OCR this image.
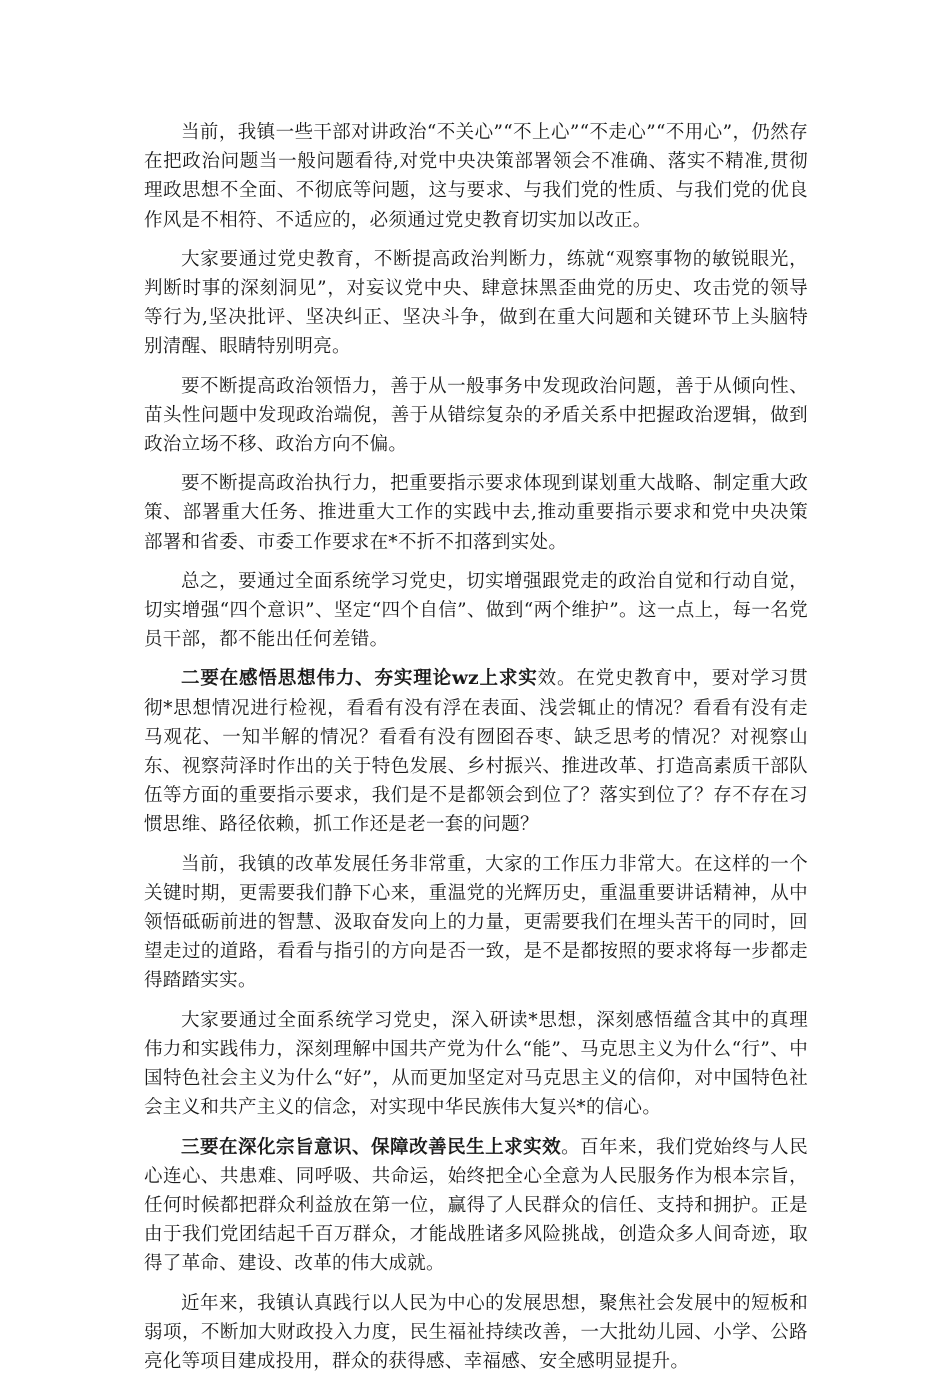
当前，我镇一些干部对讲政治“不关心”“不上心”“不走心”“不用心”，仍然存在把政治问题当一般问题看待,对党中央决策部署领会不准确、落实不精准,贯彻理政思想不全面、不彻底等问题，这与要求、与我们党的性质、与我们党的优良作风是不相符、不适应的，必须通过党史教育切实加以改正。

大家要通过党史教育，不断提高政治判断力，练就“观察事物的敏锐眼光，判断时事的深刻洞见”，对妄议党中央、肆意抹黑歪曲党的历史、攻击党的领导等行为,坚决批评、坚决纠正、坚决斗争，做到在重大问题和关键环节上头脑特别清醒、眼睛特别明亮。

要不断提高政治领悟力，善于从一般事务中发现政治问题，善于从倾向性、苗头性问题中发现政治端倪，善于从错综复杂的矛盾关系中把握政治逻辑，做到政治立场不移、政治方向不偏。

要不断提高政治执行力，把重要指示要求体现到谋划重大战略、制定重大政策、部署重大任务、推进重大工作的实践中去,推动重要指示要求和党中央决策部署和省委、市委工作要求在*不折不扣落到实处。

总之，要通过全面系统学习党史，切实增强跟党走的政治自觉和行动自觉，切实增强“四个意识”、坚定“四个自信”、做到“两个维护”。这一点上，每一名党员干部，都不能出任何差错。

二要在感悟思想伟力、夯实理论wz上求实效。在党史教育中，要对学习贯彻*思想情况进行检视，看看有没有浮在表面、浅尝辄止的情况？看看有没有走马观花、一知半解的情况？看看有没有囫囵吞枣、缺乏思考的情况？对视察山东、视察菏泽时作出的关于特色发展、乡村振兴、推进改革、打造高素质干部队伍等方面的重要指示要求，我们是不是都领会到位了？落实到位了？存不存在习惯思维、路径依赖，抓工作还是老一套的问题？

当前，我镇的改革发展任务非常重，大家的工作压力非常大。在这样的一个关键时期，更需要我们静下心来，重温党的光辉历史，重温重要讲话精神，从中领悟砥砺前进的智慧、汲取奋发向上的力量，更需要我们在埋头苦干的同时，回望走过的道路，看看与指引的方向是否一致，是不是都按照的要求将每一步都走得踏踏实实。

大家要通过全面系统学习党史，深入研读*思想，深刻感悟蕴含其中的真理伟力和实践伟力，深刻理解中国共产党为什么“能”、马克思主义为什么“行”、中国特色社会主义为什么“好”，从而更加坚定对马克思主义的信仰，对中国特色社会主义和共产主义的信念，对实现中华民族伟大复兴*的信心。

三要在深化宗旨意识、保障改善民生上求实效。百年来，我们党始终与人民心连心、共患难、同呼吸、共命运，始终把全心全意为人民服务作为根本宗旨，任何时候都把群众利益放在第一位，赢得了人民群众的信任、支持和拥护。正是由于我们党团结起千百万群众，才能战胜诸多风险挑战，创造众多人间奇迹，取得了革命、建设、改革的伟大成就。

近年来，我镇认真践行以人民为中心的发展思想，聚焦社会发展中的短板和弱项，不断加大财政投入力度，民生福祉持续改善，一大批幼儿园、小学、公路亮化等项目建成投用，群众的获得感、幸福感、安全感明显提升。
